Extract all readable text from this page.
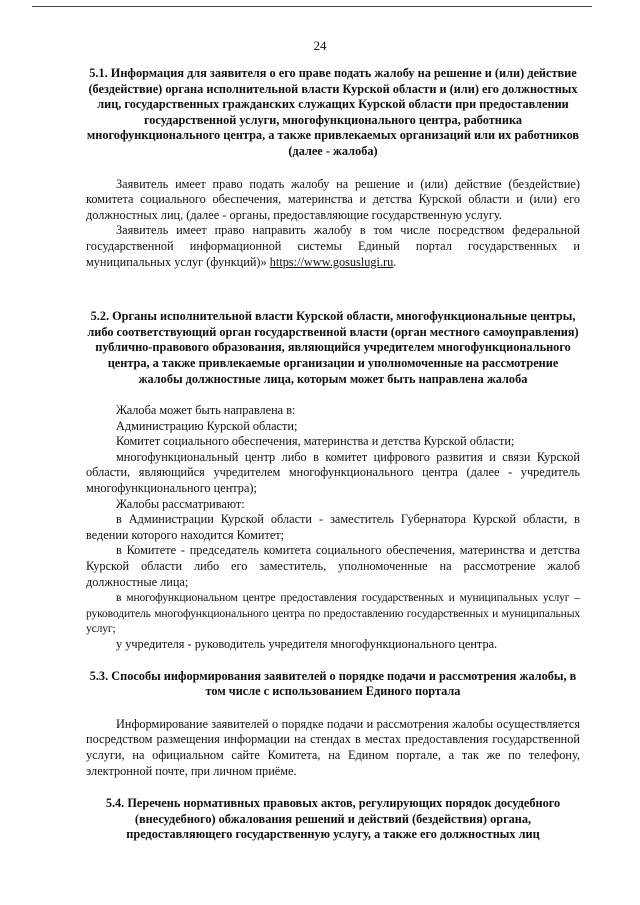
24

5.1. Информация для заявителя о его праве подать жалобу на решение и (или) действие (бездействие) органа исполнительной власти Курской области и (или) его должностных лиц, государственных гражданских служащих Курской области при предоставлении государственной услуги, многофункционального центра, работника многофункционального центра, а также привлекаемых организаций или их работников (далее - жалоба)

Заявитель имеет право подать жалобу на решение и (или) действие (бездействие) комитета социального обеспечения, материнства и детства Курской области и (или) его должностных лиц, (далее - органы, предоставляющие государственную услугу.

Заявитель имеет право направить жалобу в том числе посредством федеральной государственной информационной системы Единый портал государственных и муниципальных услуг (функций)» https://www.gosuslugi.ru.

5.2. Органы исполнительной власти Курской области, многофункциональные центры, либо соответствующий орган государственной власти (орган местного самоуправления) публично-правового образования, являющийся учредителем многофункционального центра, а также привлекаемые организации и уполномоченные на рассмотрение жалобы должностные лица, которым может быть направлена жалоба

Жалоба может быть направлена в:

Администрацию Курской области;

Комитет социального обеспечения, материнства и детства Курской области;

многофункциональный центр либо в комитет цифрового развития и связи Курской области, являющийся учредителем многофункционального центра (далее - учредитель многофункционального центра);

Жалобы рассматривают:

в Администрации Курской области - заместитель Губернатора Курской области, в ведении которого находится Комитет;

в Комитете - председатель комитета социального обеспечения, материнства и детства Курской области либо его заместитель, уполномоченные на рассмотрение жалоб должностные лица;

в многофункциональном центре предоставления государственных и муниципальных услуг – руководитель многофункционального центра по предоставлению государственных и муниципальных услуг;

у учредителя - руководитель учредителя многофункционального центра.

5.3. Способы информирования заявителей о порядке подачи и рассмотрения жалобы, в том числе с использованием Единого портала

Информирование заявителей о порядке подачи и рассмотрения жалобы осуществляется посредством размещения информации на стендах в местах предоставления государственной услуги, на официальном сайте Комитета, на Едином портале, а так же по телефону, электронной почте, при личном приёме.

5.4. Перечень нормативных правовых актов, регулирующих порядок досудебного (внесудебного) обжалования решений и действий (бездействия) органа, предоставляющего государственную услугу, а также его должностных лиц
